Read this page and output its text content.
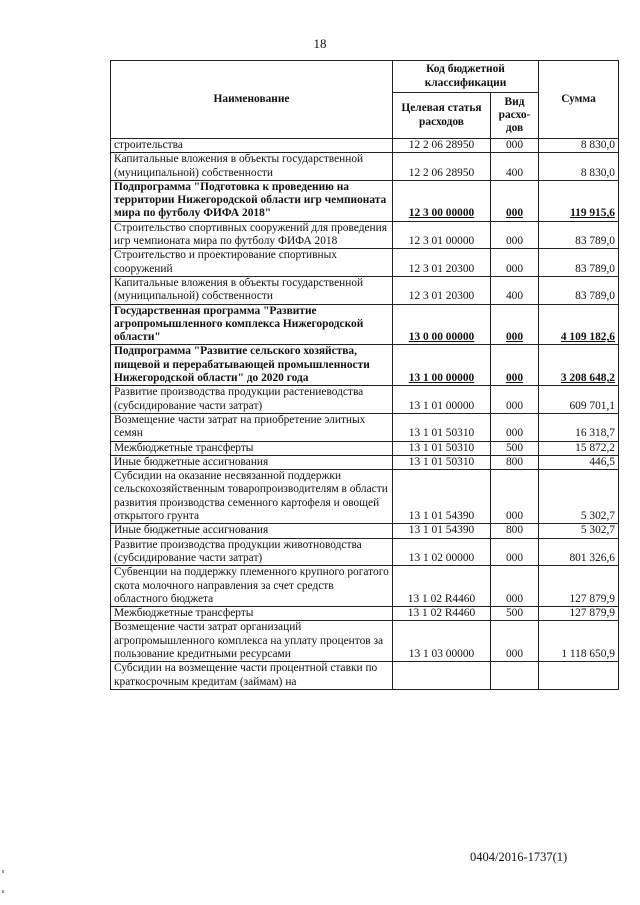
18
Наименование	Код бюджетной классификации		Сумма
	Целевая статья расходов	Вид расхо-дов	
строительства	12 2 06 28950	000	8 830,0
Капитальные вложения в объекты государственной (муниципальной) собственности	12 2 06 28950	400	8 830,0
Подпрограмма "Подготовка к проведению на территории Нижегородской области игр чемпионата мира по футболу ФИФА 2018"	12 3 00 00000	000	119 915,6
Строительство спортивных сооружений для проведения игр чемпионата мира по футболу ФИФА 2018	12 3 01 00000	000	83 789,0
Строительство и проектирование спортивных сооружений	12 3 01 20300	000	83 789,0
Капитальные вложения в объекты государственной (муниципальной) собственности	12 3 01 20300	400	83 789,0
Государственная программа "Развитие агропромышленного комплекса Нижегородской области"	13 0 00 00000	000	4 109 182,6
Подпрограмма "Развитие сельского хозяйства, пищевой и перерабатывающей промышленности Нижегородской области" до 2020 года	13 1 00 00000	000	3 208 648,2
Развитие производства продукции растениеводства (субсидирование части затрат)	13 1 01 00000	000	609 701,1
Возмещение части затрат на приобретение элитных семян	13 1 01 50310	000	16 318,7
Межбюджетные трансферты	13 1 01 50310	500	15 872,2
Иные бюджетные ассигнования	13 1 01 50310	800	446,5
Субсидии на оказание несвязанной поддержки сельскохозяйственным товаропроизводителям в области развития производства семенного картофеля и овощей открытого грунта	13 1 01 54390	000	5 302,7
Иные бюджетные ассигнования	13 1 01 54390	800	5 302,7
Развитие производства продукции животноводства (субсидирование части затрат)	13 1 02 00000	000	801 326,6
Субвенции на поддержку племенного крупного рогатого скота молочного направления за счет средств областного бюджета	13 1 02 R4460	000	127 879,9
Межбюджетные трансферты	13 1 02 R4460	500	127 879,9
Возмещение части затрат организаций агропромышленного комплекса на уплату процентов за пользование кредитными ресурсами	13 1 03 00000	000	1 118 650,9
Субсидии на возмещение части процентной ставки по краткосрочным кредитам (займам) на			
0404/2016-1737(1)
